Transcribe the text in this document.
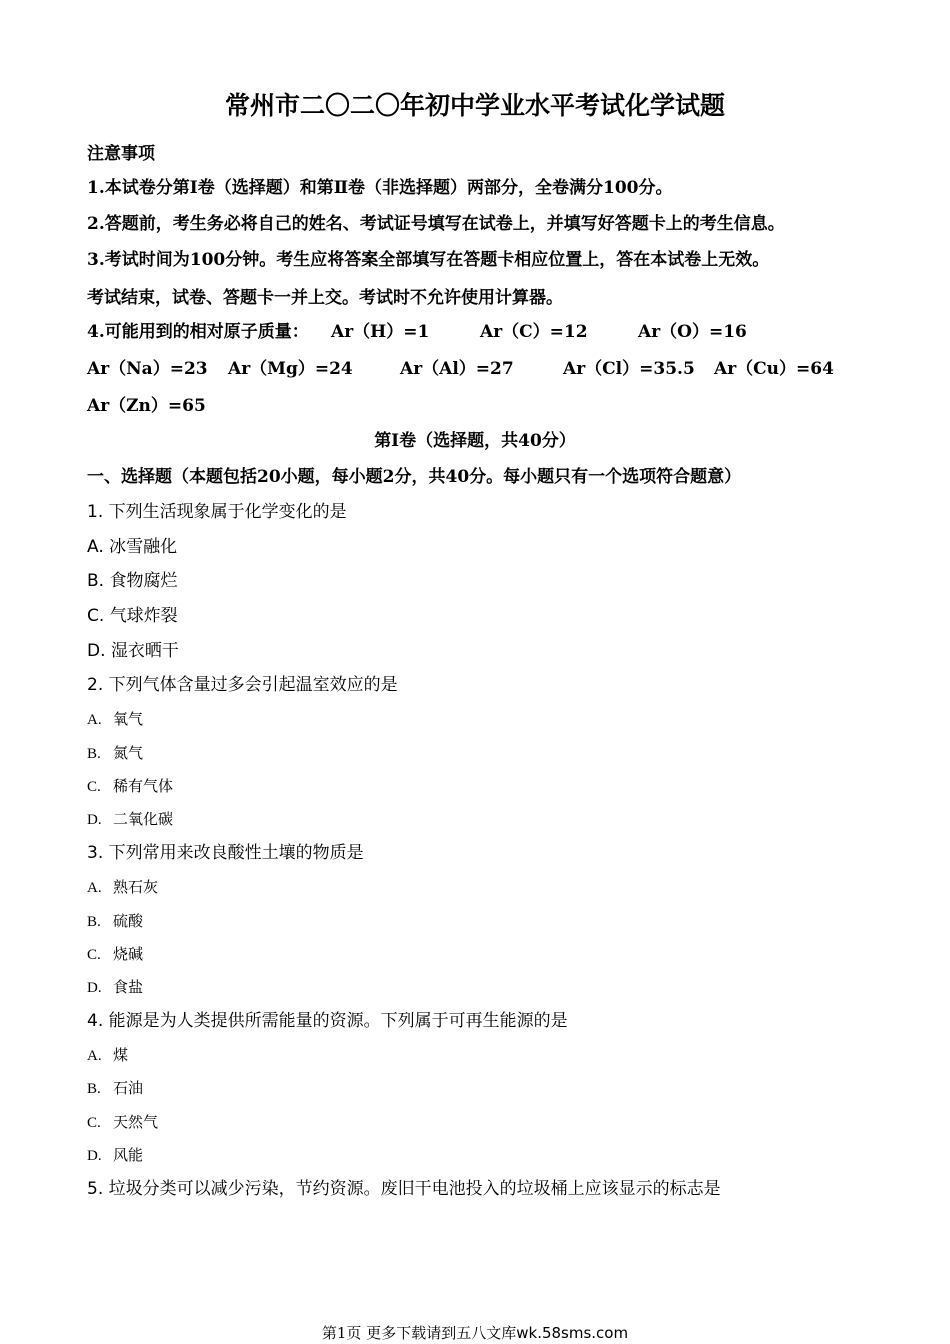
常州市二〇二〇年初中学业水平考试化学试题
注意事项
1.本试卷分第Ⅰ卷（选择题）和第Ⅱ卷（非选择题）两部分，全卷满分100分。
2.答题前，考生务必将自己的姓名、考试证号填写在试卷上，并填写好答题卡上的考生信息。
3.考试时间为100分钟。考生应将答案全部填写在答题卡相应位置上，答在本试卷上无效。
考试结束，试卷、答题卡一并上交。考试时不允许使用计算器。
4.可能用到的相对原子质量： Ar（H）=1	Ar（C）=12	Ar（O）=16
Ar（Na）=23 Ar（Mg）=24	Ar（Al）=27	Ar（Cl）=35.5 Ar（Cu）=64
Ar（Zn）=65
第Ⅰ卷（选择题，共40分）
一、选择题（本题包括20小题，每小题2分，共40分。每小题只有一个选项符合题意）
1. 下列生活现象属于化学变化的是
A. 冰雪融化
B. 食物腐烂
C. 气球炸裂
D. 湿衣晒干
2. 下列气体含量过多会引起温室效应的是
A. 氧气
B. 氮气
C. 稀有气体
D. 二氧化碳
3. 下列常用来改良酸性土壤的物质是
A. 熟石灰
B. 硫酸
C. 烧碱
D. 食盐
4. 能源是为人类提供所需能量的资源。下列属于可再生能源的是
A. 煤
B. 石油
C. 天然气
D. 风能
5. 垃圾分类可以减少污染，节约资源。废旧干电池投入的垃圾桶上应该显示的标志是
第1页 更多下载请到五八文库wk.58sms.com
